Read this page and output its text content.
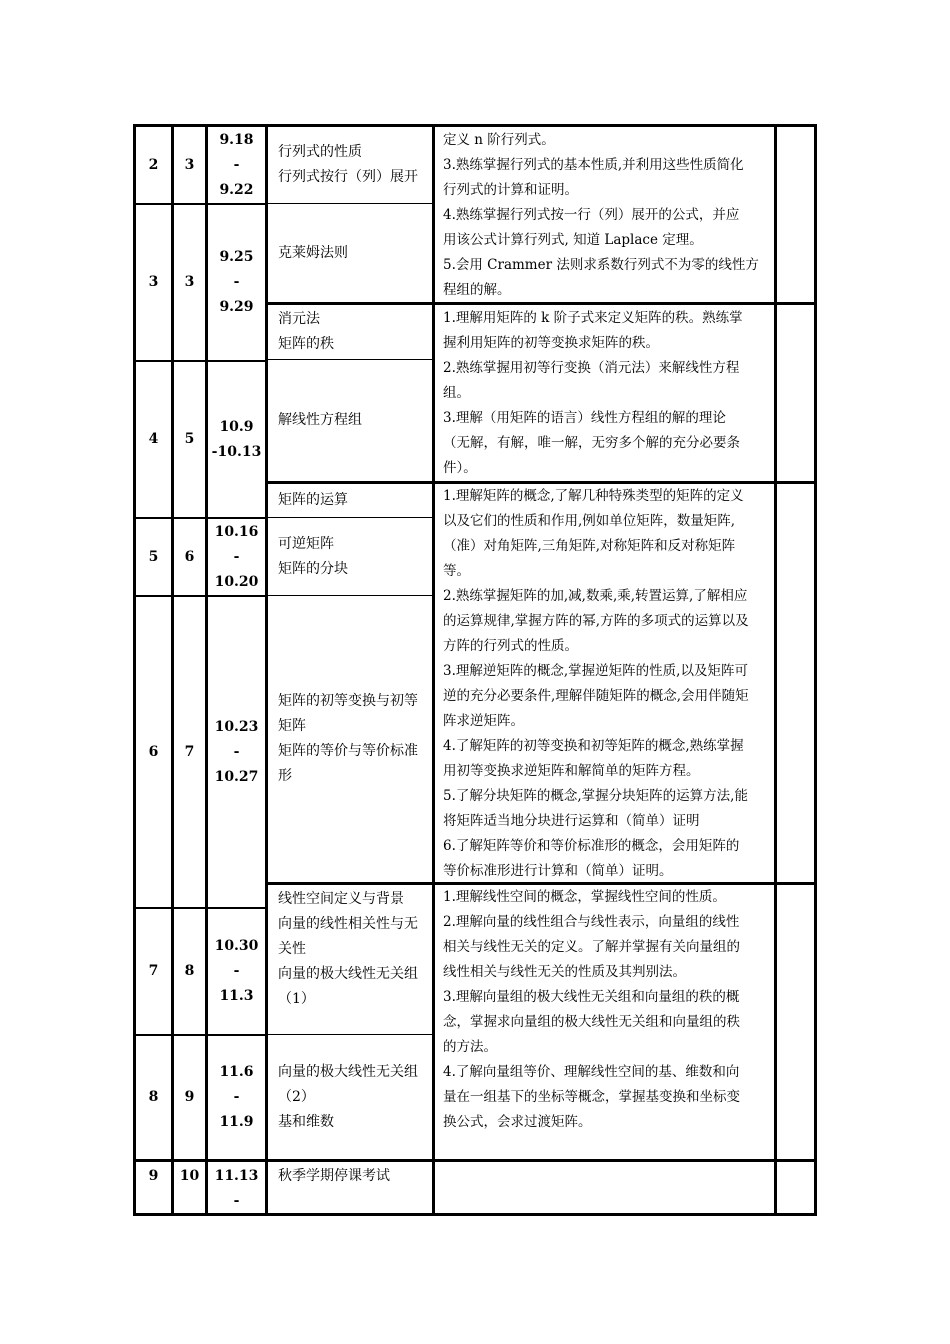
2 3
3 3
4 5
5 6
6 7
7 8
8 9
9 10
9.18
-
9.22
9.25
-
9.29
10.9
-10.13
10.16
-
10.20
10.23
-
10.27
10.30
-
11.3
11.6
-
11.9
11.13
-
行列式的性质
行列式按行（列）展开
克莱姆法则
消元法
矩阵的秩
解线性方程组
矩阵的运算
可逆矩阵
矩阵的分块
矩阵的初等变换与初等
矩阵
矩阵的等价与等价标准
形
线性空间定义与背景
向量的线性相关性与无
关性
向量的极大线性无关组
（1）
向量的极大线性无关组
（2）
基和维数
秋季学期停课考试
定义 n 阶行列式。
3.熟练掌握行列式的基本性质,并利用这些性质简化
行列式的计算和证明。
4.熟练掌握行列式按一行（列）展开的公式，并应
用该公式计算行列式, 知道 Laplace 定理。
5.会用 Crammer 法则求系数行列式不为零的线性方
程组的解。
1.理解用矩阵的 k 阶子式来定义矩阵的秩。熟练掌
握利用矩阵的初等变换求矩阵的秩。
2.熟练掌握用初等行变换（消元法）来解线性方程
组。
3.理解（用矩阵的语言）线性方程组的解的理论
（无解，有解，唯一解，无穷多个解的充分必要条
件）。
1.理解矩阵的概念,了解几种特殊类型的矩阵的定义
以及它们的性质和作用,例如单位矩阵，数量矩阵,
（准）对角矩阵,三角矩阵,对称矩阵和反对称矩阵
等。
2.熟练掌握矩阵的加,减,数乘,乘,转置运算,了解相应
的运算规律,掌握方阵的幂,方阵的多项式的运算以及
方阵的行列式的性质。
3.理解逆矩阵的概念,掌握逆矩阵的性质,以及矩阵可
逆的充分必要条件,理解伴随矩阵的概念,会用伴随矩
阵求逆矩阵。
4.了解矩阵的初等变换和初等矩阵的概念,熟练掌握
用初等变换求逆矩阵和解简单的矩阵方程。
5.了解分块矩阵的概念,掌握分块矩阵的运算方法,能
将矩阵适当地分块进行运算和（简单）证明
6.了解矩阵等价和等价标准形的概念，会用矩阵的
等价标准形进行计算和（简单）证明。
1.理解线性空间的概念，掌握线性空间的性质。
2.理解向量的线性组合与线性表示，向量组的线性
相关与线性无关的定义。了解并掌握有关向量组的
线性相关与线性无关的性质及其判别法。
3.理解向量组的极大线性无关组和向量组的秩的概
念，掌握求向量组的极大线性无关组和向量组的秩
的方法。
4.了解向量组等价、理解线性空间的基、维数和向
量在一组基下的坐标等概念，掌握基变换和坐标变
换公式，会求过渡矩阵。
